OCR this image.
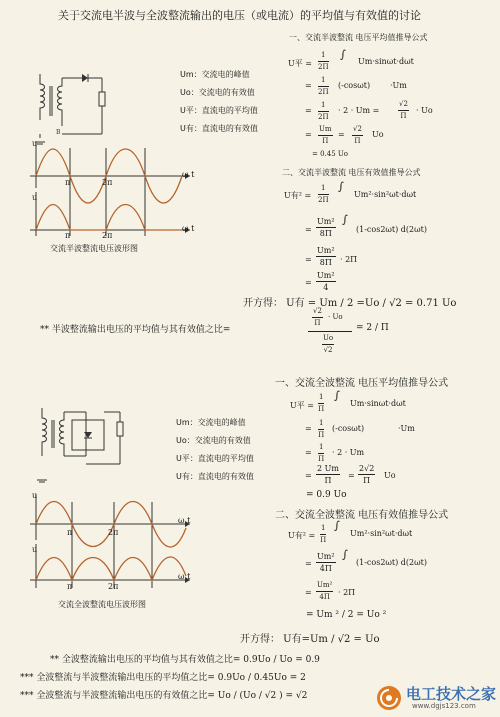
关于交流电半波与全波整流输出的电压（或电流）的平均值与有效值的讨论
B
Um：交流电的峰值
Uo：交流电的有效值
U平：直流电的平均值
U有：直流电的有效值
u
u
ω t
ω t
π	2π
π	2π
交流半波整流电压波形图
一、交流半波整流 电压平均值推导公式
U平 = $\frac{1}{2\Pi}$ ∫
Um·sinωt·dωt
= $\frac{1}{2\Pi} (-\cos\omega t) \cdot Um$
= $\frac{1}{2\Pi} \cdot 2 \cdot Um$ =	$\frac{√2}{\Pi} \cdot Uo$
= $\frac{Um}{\Pi} = \frac{√2}{\Pi}$ Uo
= 0.45 Uo
二、交流半波整流 电压有效值推导公式
U有$^2 = \frac{1}{2\Pi}$ ∫
Um²·sin²ωt·dωt
= $\frac{\text{Um²}}{8\Pi}$ ∫
(1-cos2ωt) d(2ωt)
= $\frac{\text{Um²}}{8\Pi} \cdot 2\Pi$
= $\frac{\text{Um²}}{4}$
开方得： U有 = Um / 2 =Uo / √2 = 0.71 Uo
** 半波整流输出电压的平均值与其有效值之比=
$\frac{√2}{\Pi} \cdot Uo$
$\frac{Uo}{√2}$
= 2 / Π
Um：交流电的峰值
Uo：交流电的有效值
U平：直流电的平均值
U有：直流电的有效值
u
u
ω t
ω t
π	2π
π	2π
交流全波整流电压波形图
一、交流全波整流 电压平均值推导公式
U平 = $\frac{1}{\Pi}$ ∫
Um·sinωt·dωt
= $\frac{1}{\Pi} (-\cos\omega t)$	·Um
= $\frac{1}{\Pi} \cdot 2 \cdot Um$
= $\frac{2 Um}{\Pi} = \frac{2√2}{\Pi}$ Uo
= 0.9 Uo
二、交流全波整流 电压有效值推导公式
U有$^2 = \frac{1}{\Pi}$ ∫
Um²·sin²ωt·dωt
= $\frac{\text{Um²}}{4\Pi}$ ∫
(1-cos2ωt) d(2ωt)
= $\frac{\text{Um²}}{4\Pi} \cdot 2\Pi$
= Um ² / 2 = Uo ²
开方得： U有=Um / √2 = Uo
** 全波整流输出电压的平均值与其有效值之比= 0.9Uo / Uo = 0.9
*** 全波整流与半波整流输出电压的平均值之比= 0.9Uo / 0.45Uo = 2
*** 全波整流与半波整流输出电压的有效值之比= Uo / (Uo / √2 ) = √2	电工技术之家
www.dgjs123.com
